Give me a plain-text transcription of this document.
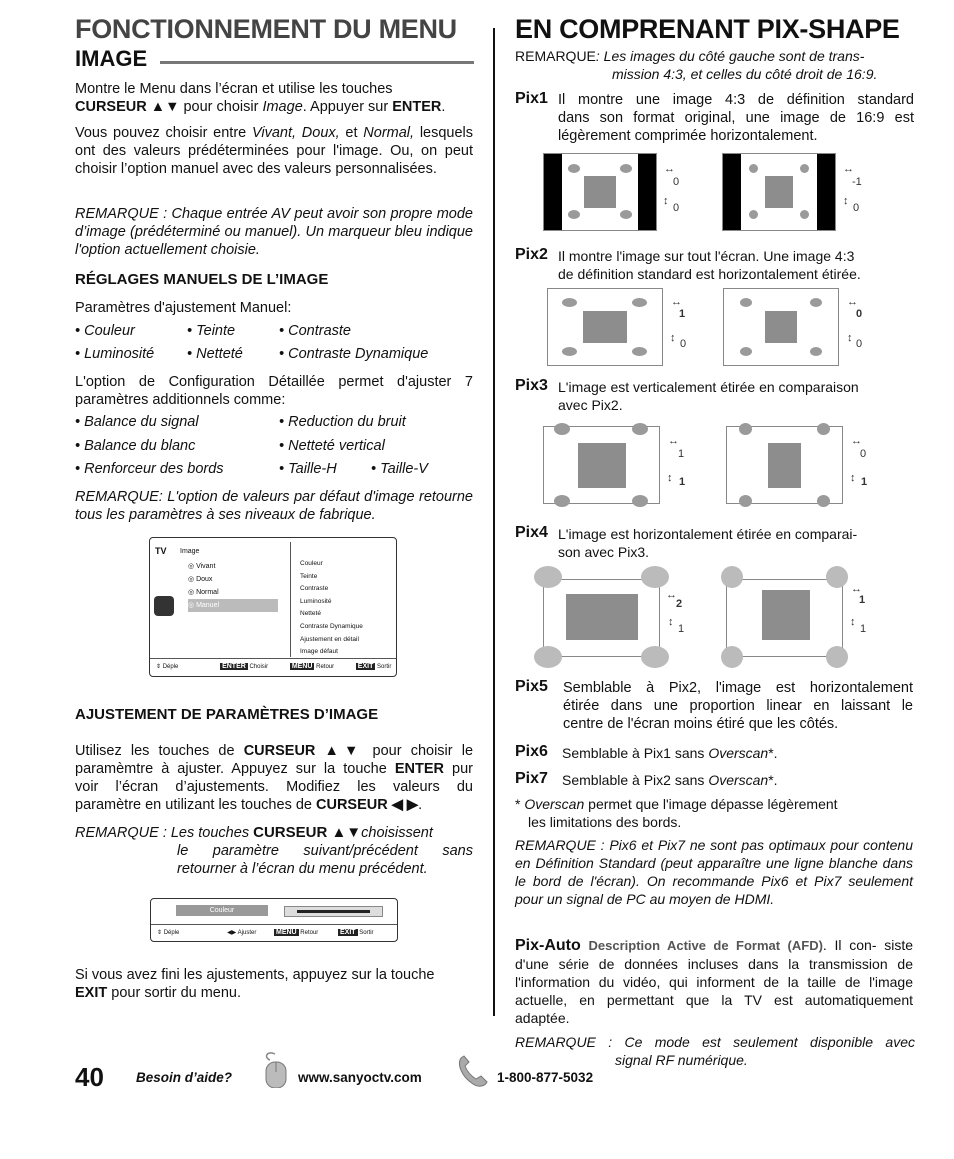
FONCTIONNEMENT DU MENU
IMAGE
Montre le Menu dans l’écran et utilise les touches
CURSEUR ▲▼ pour choisir Image. Appuyer sur ENTER.
Vous pouvez choisir entre Vivant, Doux, et Normal, lesquels ont des valeurs prédéterminées pour l'image. Ou, on peut choisir l’option manuel avec des valeurs personnalisées.
REMARQUE : Chaque entrée AV peut avoir son propre mode d’image (prédéterminé ou manuel). Un marqueur bleu indique l'option actuellement choisie.
RÉGLAGES MANUELS DE L’IMAGE
Paramètres d'ajustement Manuel:
• Couleur	• Teinte	• Contraste
• Luminosité • Netteté • Contraste Dynamique
L'option de Configuration Détaillée permet d'ajuster 7 paramètres additionnels comme:
• Balance du signal	• Reduction du bruit
• Balance du blanc	• Netteté vertical
• Renforceur des bords	• Taille-H • Taille-V
REMARQUE: L'option de valeurs par défaut d'image retourne tous les paramètres à ses niveaux de fabrique.
TV Image
◎ Vivant
◎ Doux
◎ Normal
◎ Manuel
Couleur
Teinte
Contraste
Luminosité
Netteté
Contraste Dynamique
Ajustement en détail
Image défaut
⇕ Déple	ENTER Choisir	MENU Retour	EXIT Sortir
AJUSTEMENT DE PARAMÈTRES D’IMAGE
Utilisez les touches de CURSEUR ▲▼ pour choisir le
paramèmtre à ajuster. Appuyez sur la touche ENTER pur
voir l’écran d’ajustements. Modifiez les valeurs du
paramètre en utilizant les touches de CURSEUR ◀ ▶.
REMARQUE : Les touches CURSEUR ▲▼choisissent
le paramètre suivant/précédent sans
retourner à l’écran du menu précédent.
Couleur
⇕ Déple	◀▶ Ajuster	MENU Retour	EXIT Sortir
Si vous avez fini les ajustements, appuyez sur la touche
EXIT pour sortir du menu.
EN COMPRENANT PIX-SHAPE
REMARQUE: Les images du côté gauche sont de trans-
mission 4:3, et celles du côté droit de 16:9.
Pix1 Il montre une image 4:3 de définition standard
dans son format original, une image de 16:9 est
légèrement comprimée horizontalement.
↔
0
↕
0
↔
-1
↕
0
Pix2 Il montre l'image sur tout l'écran. Une image 4:3
de définition standard est horizontalement étirée.
↔
1
↕ 0
↔
0
↕ 0
Pix3 L'image est verticalement étirée en comparaison
avec Pix2.
↔
1
↕ 1
↔
0
↕ 1
Pix4 L'image est horizontalement étirée en comparai-
son avec Pix3.
↔
2
↕
1
↔
1
↕
1
Pix5 Semblable à Pix2, l'image est horizontalement
étirée dans une proportion linear en laissant le
centre de l'écran moins étiré que les côtés.
Pix6 Semblable à Pix1 sans Overscan*.
Pix7 Semblable à Pix2 sans Overscan*.
* Overscan permet que l'image dépasse légèrement
les limitations des bords.
REMARQUE : Pix6 et Pix7 ne sont pas optimaux pour contenu en Définition Standard (peut apparaître une ligne blanche dans le bord de l'écran). On recommande Pix6 et Pix7 seulement pour un signal de PC au moyen de HDMI.
Pix-Auto Description Active de Format (AFD). Il con- siste d'une série de données incluses dans la transmission de l'information du vidéo, qui informent de la taille de l'image actuelle, en permettant que la TV est automatiquement adaptée.
REMARQUE : Ce mode est seulement disponible avec
signal RF numérique.
40 Besoin d’aide?	www.sanyoctv.com	1-800-877-5032
